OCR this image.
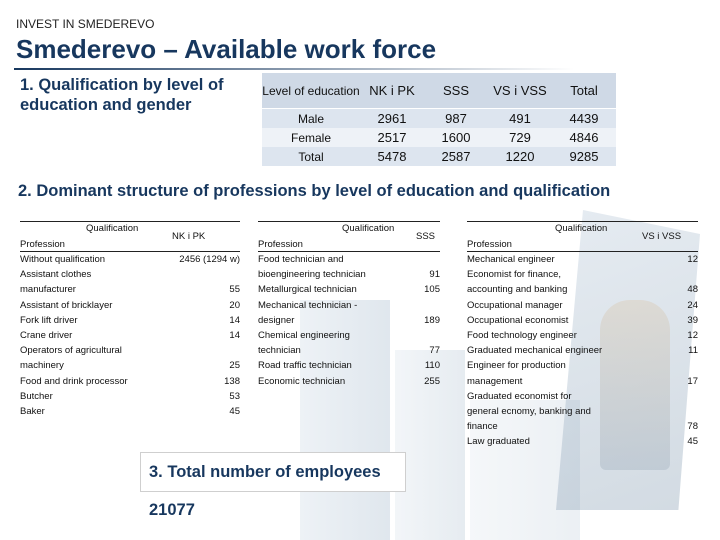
INVEST IN SMEDEREVO
Smederevo – Available work force
1. Qualification by level of education and gender
Level of education	NK i PK	SSS	VS i VSS	Total
Male	2961	987	491	4439
Female	2517	1600	729	4846
Total	5478	2587	1220	9285
2. Dominant structure of professions by level of education and qualification
Qualification
Profession
NK i PK
Without qualification	2456 (1294 w)
Assistant clothes
manufacturer	55
Assistant of bricklayer	20
Fork lift driver	14
Crane driver	14
Operators of agricultural
machinery	25
Food and drink processor	138
Butcher	53
Baker	45
Qualification
Profession
SSS
Food technician and
bioengineering technician	91
Metallurgical technician	105
Mechanical technician -
designer	189
Chemical engineering
technician	77
Road traffic technician	110
Economic technician	255
Qualification
Profession
VS i VSS
Mechanical engineer	12
Economist for finance,
accounting and banking	48
Occupational manager	24
Occupational economist	39
Food technology engineer	12
Graduated mechanical engineer	11
Engineer for production
management	17
Graduated economist for
general ecnomy, banking and
finance	78
Law graduated	45
3. Total number of employees 21077
